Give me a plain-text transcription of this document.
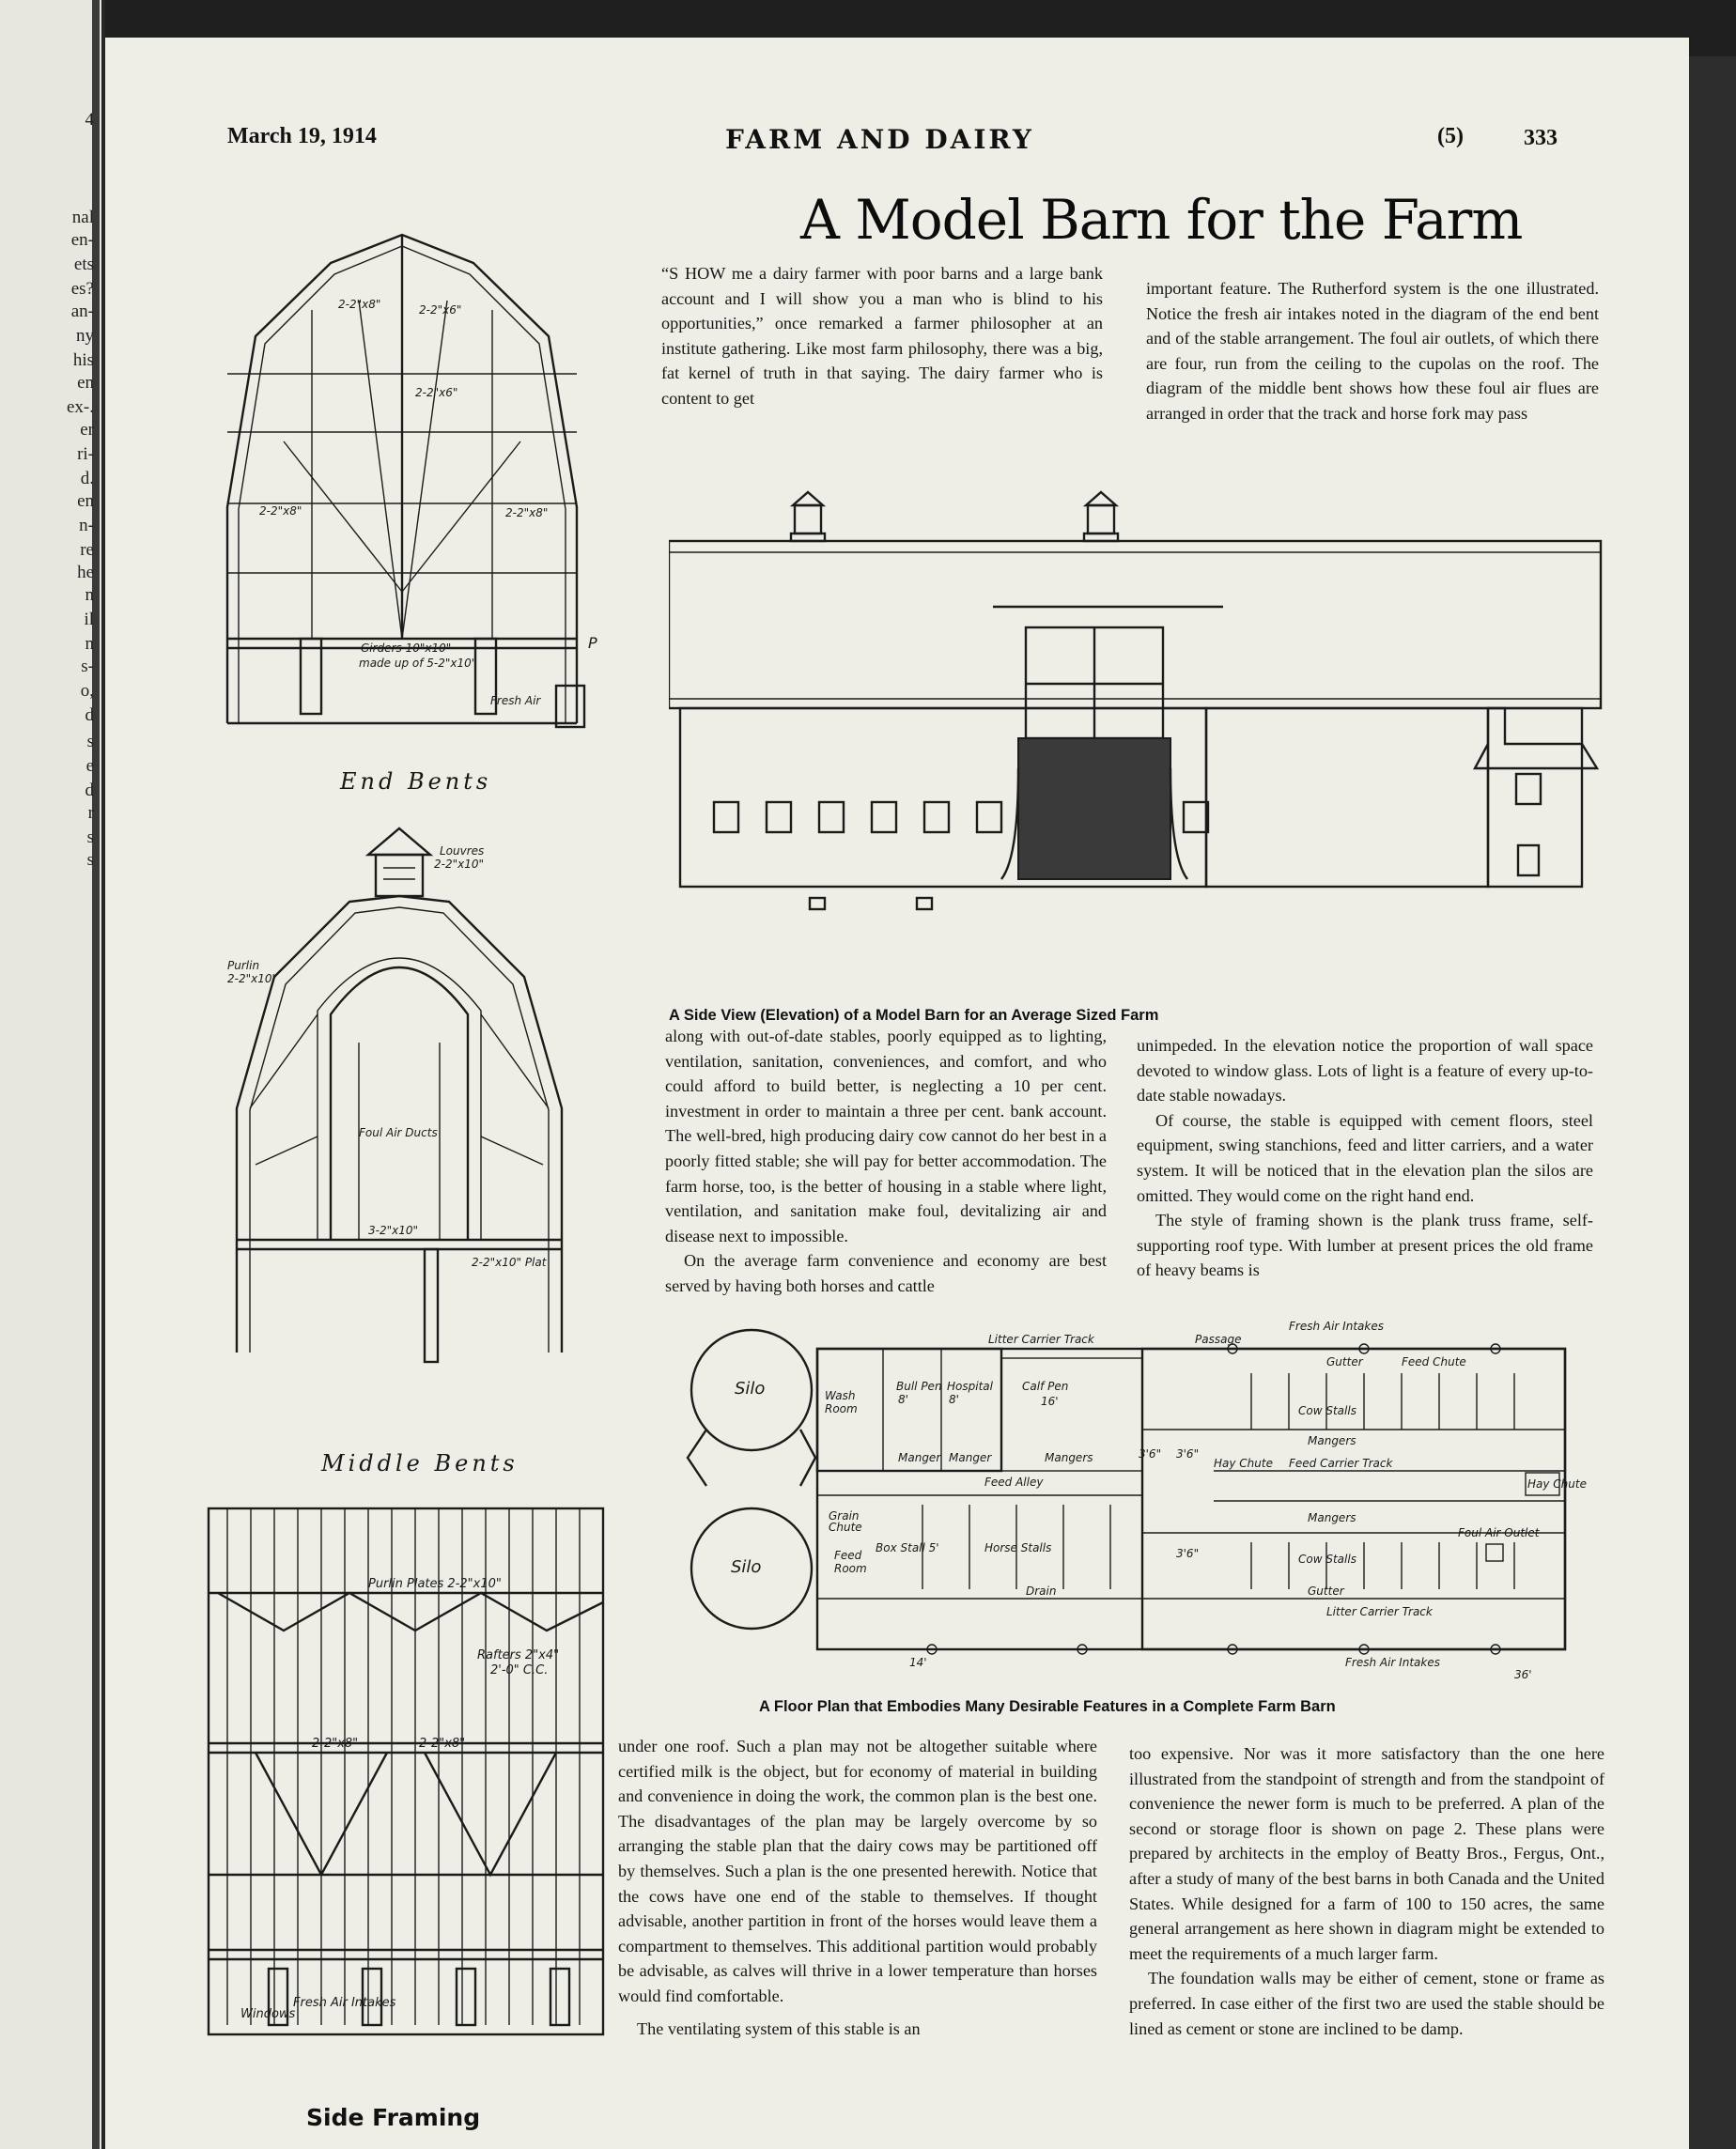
4
nal
en-
ets
es?
an-
ny
his
en
ex-.
er
ri-
d.
en
n-
re
he
n
il
n
s-
o,
d
s
e
d
r
s
s
March 19, 1914	FARM AND DAIRY	(5)	333
A Model Barn for the Farm

“S HOW me a dairy farmer with poor barns and a large bank account and I will show you a man who is blind to his opportunities,” once remarked a farmer philosopher at an institute gathering. Like most farm philosophy, there was a big, fat kernel of truth in that saying. The dairy farmer who is content to get

important feature. The Rutherford system is the one illustrated. Notice the fresh air intakes noted in the diagram of the end bent and of the stable arrangement. The foul air outlets, of which there are four, run from the ceiling to the cupolas on the roof. The diagram of the middle bent shows how these foul air flues are arranged in order that the track and horse fork may pass

A Side View (Elevation) of a Model Barn for an Average Sized Farm

along with out-of-date stables, poorly equipped as to lighting, ventilation, sanitation, conveniences, and comfort, and who could afford to build better, is neglecting a 10 per cent. investment in order to maintain a three per cent. bank account. The well-bred, high producing dairy cow cannot do her best in a poorly fitted stable; she will pay for better accommodation. The farm horse, too, is the better of housing in a stable where light, ventilation, and sanitation make foul, devitalizing air and disease next to impossible.

On the average farm convenience and economy are best served by having both horses and cattle

unimpeded. In the elevation notice the proportion of wall space devoted to window glass. Lots of light is a feature of every up-to-date stable nowadays.

Of course, the stable is equipped with cement floors, steel equipment, swing stanchions, feed and litter carriers, and a water system. It will be noticed that in the elevation plan the silos are omitted. They would come on the right hand end.

The style of framing shown is the plank truss frame, self-supporting roof type. With lumber at present prices the old frame of heavy beams is

Silo
Silo
Wash
Room
Bull Pen
8'
Hospital
8'
Calf Pen
16'
Manger Manger	Mangers
Feed Alley
Grain
Chute
Feed
Room
Box Stall 5'	Horse Stalls
Drain
Litter Carrier Track	Passage
Fresh Air Intakes
Gutter	Feed Chute
Cow Stalls
Mangers
Hay Chute Feed Carrier Track
Hay Chute
Mangers
Cow Stalls
Foul Air Outlet
Gutter
Litter Carrier Track
Fresh Air Intakes
3'6" 3'6"
3'6"
14'
36'
A Floor Plan that Embodies Many Desirable Features in a Complete Farm Barn

under one roof. Such a plan may not be altogether suitable where certified milk is the object, but for economy of material in building and convenience in doing the work, the common plan is the best one. The disadvantages of the plan may be largely overcome by so arranging the stable plan that the dairy cows may be partitioned off by themselves. Such a plan is the one presented herewith. Notice that the cows have one end of the stable to themselves. If thought advisable, another partition in front of the horses would leave them a compartment to themselves. This additional partition would probably be advisable, as calves will thrive in a lower temperature than horses would find comfortable.

The ventilating system of this stable is an

too expensive. Nor was it more satisfactory than the one here illustrated from the standpoint of strength and from the standpoint of convenience the newer form is much to be preferred. A plan of the second or storage floor is shown on page 2. These plans were prepared by architects in the employ of Beatty Bros., Fergus, Ont., after a study of many of the best barns in both Canada and the United States. While designed for a farm of 100 to 150 acres, the same general arrangement as here shown in diagram might be extended to meet the requirements of a much larger farm.

The foundation walls may be either of cement, stone or frame as preferred. In case either of the first two are used the stable should be lined as cement or stone are inclined to be damp.

2-2"x8"	2-2"x8"
2-2"x8"
2-2"x6"
2-2"x6"
Girders 10"x10"
made up of 5-2"x10"
Fresh Air
P
End Bents
Louvres
2-2"x10"
Purlin
2-2"x10"
Foul Air Ducts
3-2"x10"
2-2"x10" Plat
Middle Bents
Purlin Plates 2-2"x10"
Rafters 2"x4"
2'-0" C.C.
2-2"x8"	2-2"x8"
Windows
Fresh Air Intakes
Side Framing
